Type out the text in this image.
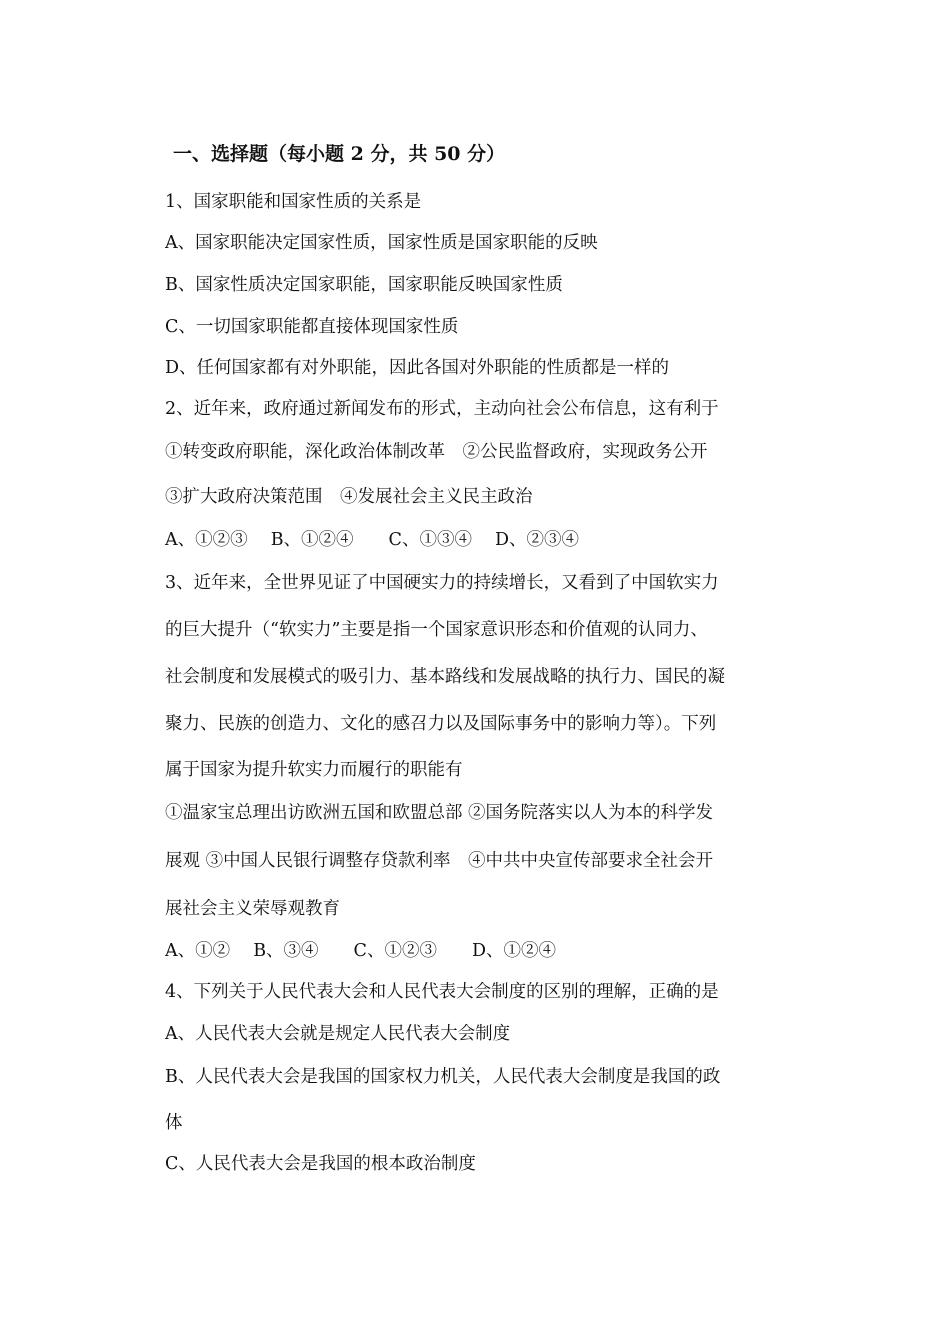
一、选择题（每小题 2 分，共 50 分）
1、国家职能和国家性质的关系是
A、国家职能决定国家性质，国家性质是国家职能的反映
B、国家性质决定国家职能，国家职能反映国家性质
C、一切国家职能都直接体现国家性质
D、任何国家都有对外职能，因此各国对外职能的性质都是一样的
2、近年来，政府通过新闻发布的形式，主动向社会公布信息，这有利于
①转变政府职能，深化政治体制改革　②公民监督政府，实现政务公开
③扩大政府决策范围　④发展社会主义民主政治
A、①②③　 B、①②④　　C、①③④　 D、②③④
3、近年来，全世界见证了中国硬实力的持续增长，又看到了中国软实力
的巨大提升（“软实力”主要是指一个国家意识形态和价值观的认同力、
社会制度和发展模式的吸引力、基本路线和发展战略的执行力、国民的凝
聚力、民族的创造力、文化的感召力以及国际事务中的影响力等）。下列
属于国家为提升软实力而履行的职能有
①温家宝总理出访欧洲五国和欧盟总部 ②国务院落实以人为本的科学发
展观 ③中国人民银行调整存贷款利率　④中共中央宣传部要求全社会开
展社会主义荣辱观教育
A、①②　 B、③④　　C、①②③　　D、①②④
4、下列关于人民代表大会和人民代表大会制度的区别的理解，正确的是
A、人民代表大会就是规定人民代表大会制度
B、人民代表大会是我国的国家权力机关，人民代表大会制度是我国的政
体
C、人民代表大会是我国的根本政治制度
